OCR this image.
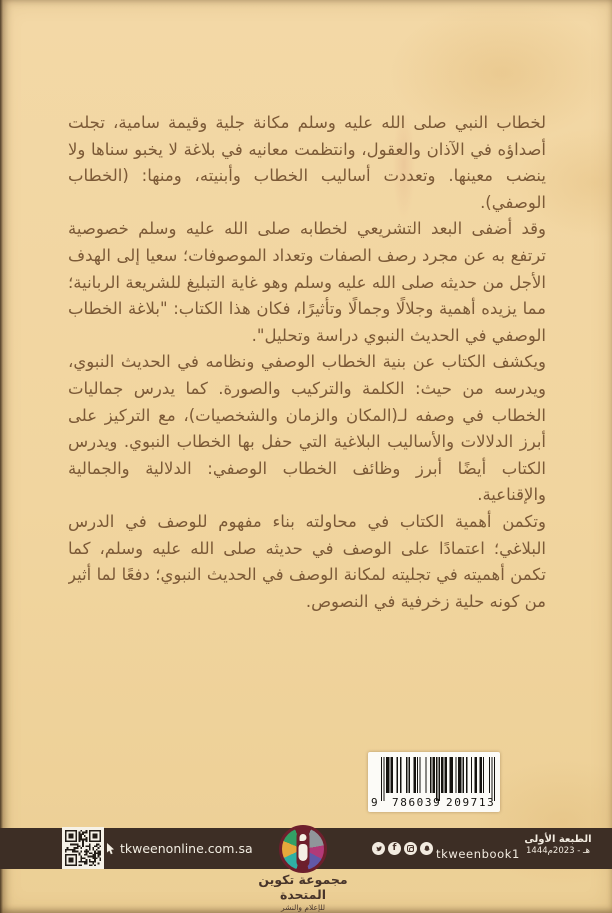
لخطاب النبي صلى الله عليه وسلم مكانة جلية وقيمة سامية، تجلت أصداؤه في الآذان والعقول، وانتظمت معانيه في بلاغة لا يخبو سناها ولا ينضب معينها. وتعددت أساليب الخطاب وأبنيته، ومنها: (الخطاب الوصفي).

وقد أضفى البعد التشريعي لخطابه صلى الله عليه وسلم خصوصية ترتفع به عن مجرد رصف الصفات وتعداد الموصوفات؛ سعيا إلى الهدف الأجل من حديثه صلى الله عليه وسلم وهو غاية التبليغ للشريعة الربانية؛ مما يزيده أهمية وجلالًا وجمالًا وتأثيرًا، فكان هذا الكتاب: "بلاغة الخطاب الوصفي في الحديث النبوي دراسة وتحليل".

ويكشف الكتاب عن بنية الخطاب الوصفي ونظامه في الحديث النبوي، ويدرسه من حيث: الكلمة والتركيب والصورة. كما يدرس جماليات الخطاب في وصفه لـ(المكان والزمان والشخصيات)، مع التركيز على أبرز الدلالات والأساليب البلاغية التي حفل بها الخطاب النبوي. ويدرس الكتاب أيضًا أبرز وظائف الخطاب الوصفي: الدلالية والجمالية والإقناعية.

وتكمن أهمية الكتاب في محاولته بناء مفهوم للوصف في الدرس البلاغي؛ اعتمادًا على الوصف في حديثه صلى الله عليه وسلم، كما تكمن أهميته في تجليته لمكانة الوصف في الحديث النبوي؛ دفعًا لما أثير من كونه حلية زخرفية في النصوص.

9 786039 209713
tkweenonline.com.sa
مجموعة تكوين المتحدة
للإعلام والنشر
f	tkweenbook1
الطبعة الأولى
1444هـ - 2023م
